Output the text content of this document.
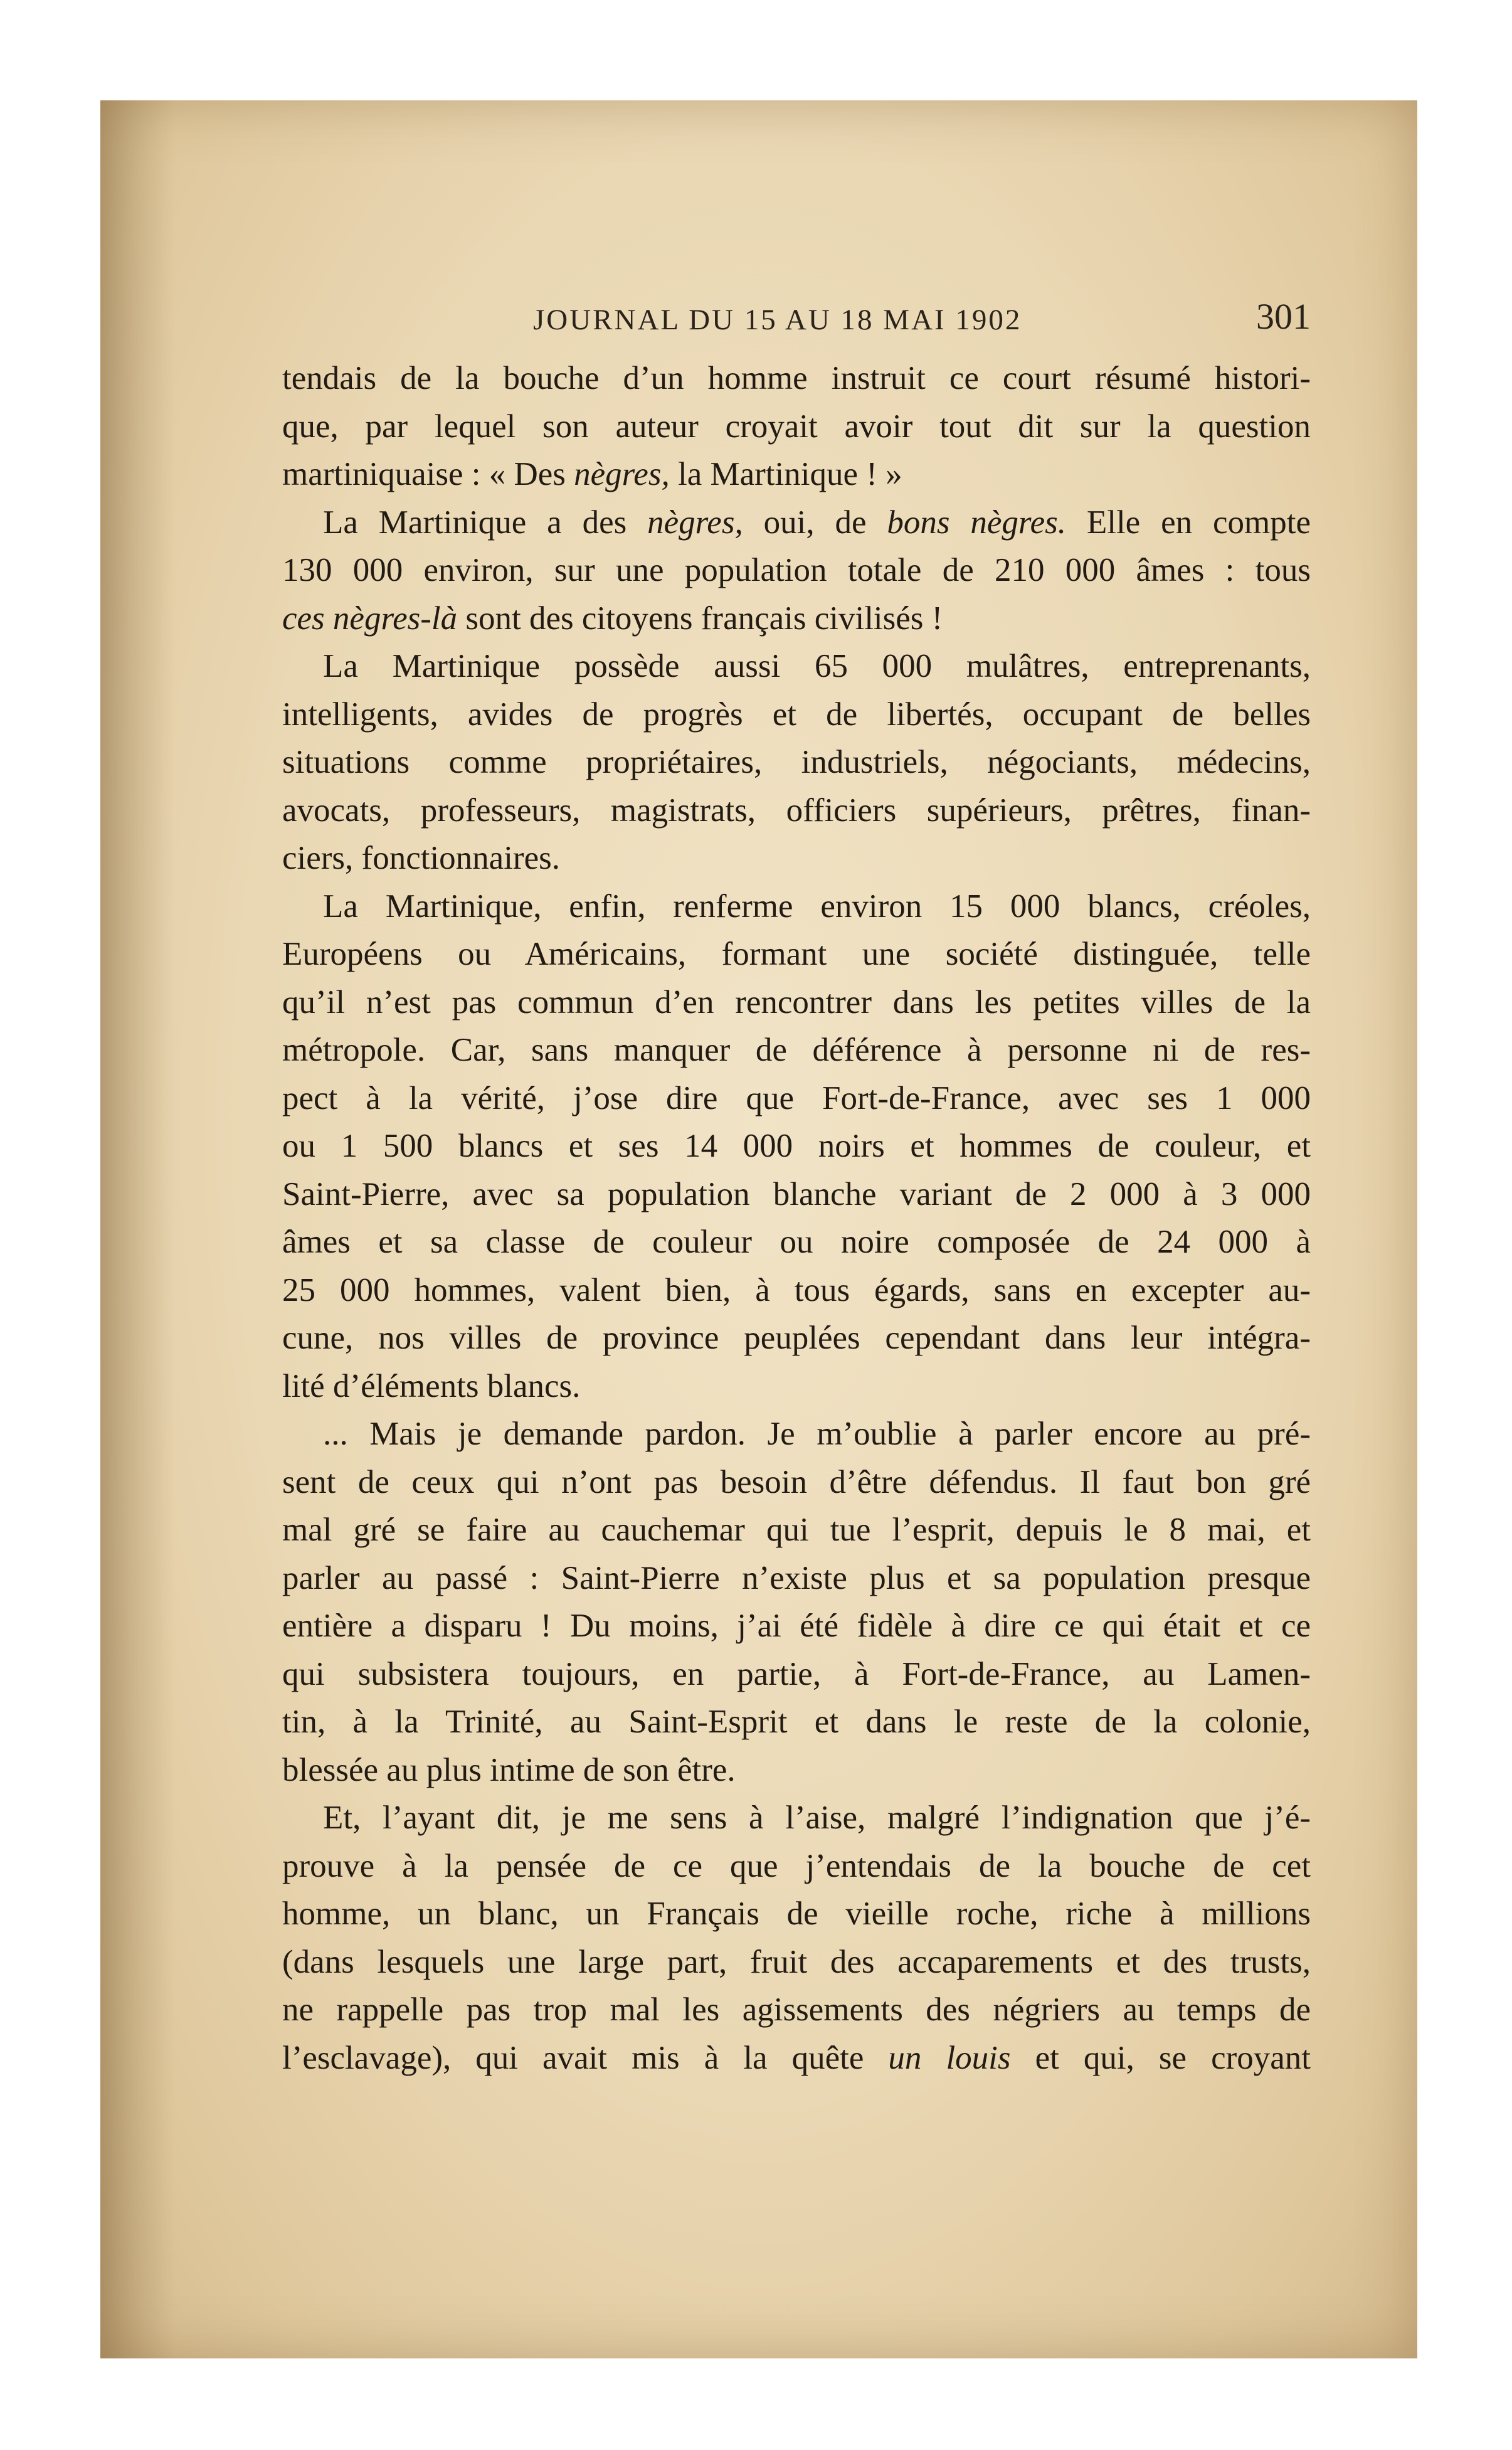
JOURNAL DU 15 AU 18 MAI 1902	301
tendais de la bouche d’un homme instruit ce court résumé histori-
que, par lequel son auteur croyait avoir tout dit sur la question
martiniquaise : « Des nègres, la Martinique ! »
La Martinique a des nègres, oui, de bons nègres. Elle en compte
130 000 environ, sur une population totale de 210 000 âmes : tous
ces nègres-là sont des citoyens français civilisés !
La Martinique possède aussi 65 000 mulâtres, entreprenants,
intelligents, avides de progrès et de libertés, occupant de belles
situations comme propriétaires, industriels, négociants, médecins,
avocats, professeurs, magistrats, officiers supérieurs, prêtres, finan-
ciers, fonctionnaires.
La Martinique, enfin, renferme environ 15 000 blancs, créoles,
Européens ou Américains, formant une société distinguée, telle
qu’il n’est pas commun d’en rencontrer dans les petites villes de la
métropole. Car, sans manquer de déférence à personne ni de res-
pect à la vérité, j’ose dire que Fort-de-France, avec ses 1 000
ou 1 500 blancs et ses 14 000 noirs et hommes de couleur, et
Saint-Pierre, avec sa population blanche variant de 2 000 à 3 000
âmes et sa classe de couleur ou noire composée de 24 000 à
25 000 hommes, valent bien, à tous égards, sans en excepter au-
cune, nos villes de province peuplées cependant dans leur intégra-
lité d’éléments blancs.
... Mais je demande pardon. Je m’oublie à parler encore au pré-
sent de ceux qui n’ont pas besoin d’être défendus. Il faut bon gré
mal gré se faire au cauchemar qui tue l’esprit, depuis le 8 mai, et
parler au passé : Saint-Pierre n’existe plus et sa population presque
entière a disparu ! Du moins, j’ai été fidèle à dire ce qui était et ce
qui subsistera toujours, en partie, à Fort-de-France, au Lamen-
tin, à la Trinité, au Saint-Esprit et dans le reste de la colonie,
blessée au plus intime de son être.
Et, l’ayant dit, je me sens à l’aise, malgré l’indignation que j’é-
prouve à la pensée de ce que j’entendais de la bouche de cet
homme, un blanc, un Français de vieille roche, riche à millions
(dans lesquels une large part, fruit des accaparements et des trusts,
ne rappelle pas trop mal les agissements des négriers au temps de
l’esclavage), qui avait mis à la quête un louis et qui, se croyant
